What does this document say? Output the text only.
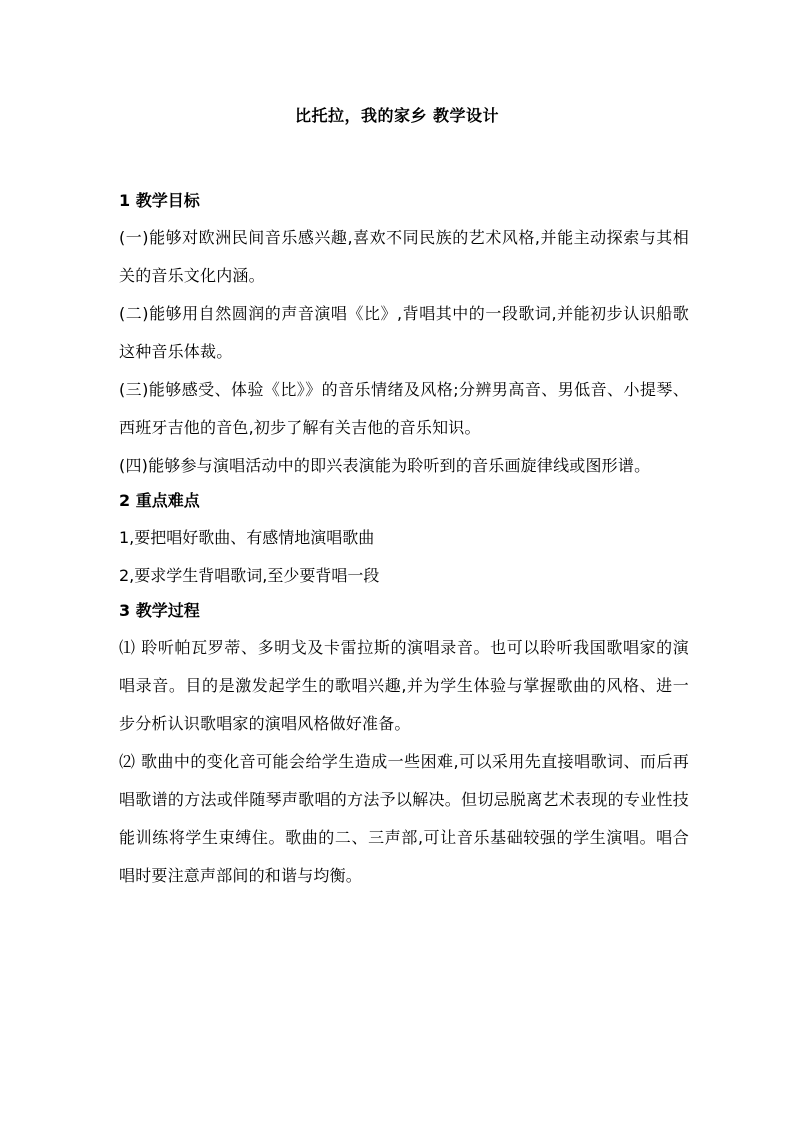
比托拉，我的家乡 教学设计

1 教学目标

(一)能够对欧洲民间音乐感兴趣,喜欢不同民族的艺术风格,并能主动探索与其相关的音乐文化内涵。

(二)能够用自然圆润的声音演唱《比》,背唱其中的一段歌词,并能初步认识船歌这种音乐体裁。

(三)能够感受、体验《比》》的音乐情绪及风格;分辨男高音、男低音、小提琴、西班牙吉他的音色,初步了解有关吉他的音乐知识。

(四)能够参与演唱活动中的即兴表演能为聆听到的音乐画旋律线或图形谱。

2 重点难点

1,要把唱好歌曲、有感情地演唱歌曲

2,要求学生背唱歌词,至少要背唱一段

3 教学过程

⑴ 聆听帕瓦罗蒂、多明戈及卡雷拉斯的演唱录音。也可以聆听我国歌唱家的演唱录音。目的是激发起学生的歌唱兴趣,并为学生体验与掌握歌曲的风格、进一步分析认识歌唱家的演唱风格做好准备。

⑵ 歌曲中的变化音可能会给学生造成一些困难,可以采用先直接唱歌词、而后再唱歌谱的方法或伴随琴声歌唱的方法予以解决。但切忌脱离艺术表现的专业性技能训练将学生束缚住。歌曲的二、三声部,可让音乐基础较强的学生演唱。唱合唱时要注意声部间的和谐与均衡。
